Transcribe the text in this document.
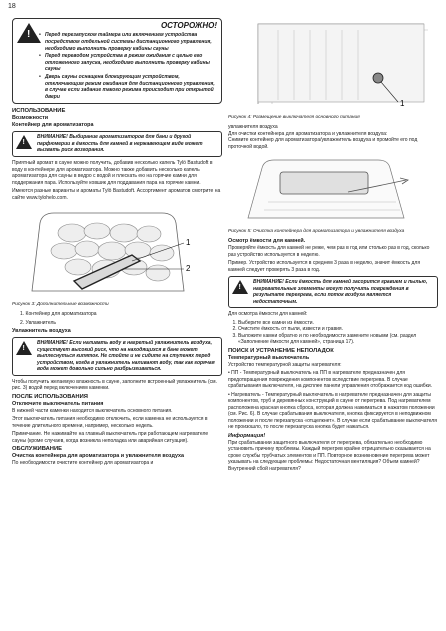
18
!
ОСТОРОЖНО!
• Перед перезапуском таймера или включением устройства посредством отдельной системы дистанционного управления, необходимо выполнить проверку кабины сауны
• Перед переводом устройства в режим ожидания с целью его отложенного запуска, необходимо выполнить проверку кабины сауны
• Дверь сауны оснащена блокирующим устройством, отключающим режим ожидания для дистанционного управления, в случае если задание такого режима происходит при открытой двери
ИСПОЛЬЗОВАНИЕ
Возможности
Контейнер для ароматизатора
!
ВНИМАНИЕ! Выбирание ароматизаторов для бани и другой парфюмерии в ёмкость для камней в нержавеющем виде может вызвать риск возгорания.
Приятный аромат в сауне можно получить, добавив несколько капель Tylö Bastudoft в воду в контейнере для ароматизатора. Можно также добавить несколько капель ароматизатора для сауны в ведро с водой и плескать ею на горячие камни для поддержания пара. Используйте ковшик для поддавания пара на горячие камни.
Имеются разные варианты и ароматы Tylö Bastudoft. Ассортимент ароматов смотрите на сайте www.tylohelo.com.
1
2
Рисунок 3: Дополнительные возможности
1. Контейнер для ароматизатора
2. Увлажнитель
Увлажнитель воздуха
!
ВНИМАНИЕ! Если наливать воду в нагретый увлажнитель воздуха, существует высокий риск, что на находящихся в бане может выплеснуться кипяток. Не стойте и не сидите на ступенях перед устройством, когда в увлажнитель наливают воду, так как горячая вода может довольно сильно разбрызгиваться.
Чтобы получить желаемую влажность в сауне, заполните встроенный увлажнитель (см. рис. 3) водой перед включением каменки.
ПОСЛЕ ИСПОЛЬЗОВАНИЯ
Отключите выключатель питания
В нижней части каменки находится выключатель основного питания.
Этот выключатель питания необходимо отключить, если каменка не используется в течение длительного времени, например, несколько недель.
Примечание. Не нажимайте на главный выключатель при работающем нагревателе сауны (кроме случаев, когда возникла неполадка или аварийная ситуация).
ОБСЛУЖИВАНИЕ
Очистка контейнера для ароматизатора и увлажнителя воздуха
По необходимости очистите контейнер для ароматизатора и
1
Рисунок 4: Размещение выключателя основного питания
увлажнителя воздуха
Для очистки контейнера для ароматизатора и увлажнителя воздуха:
Снимите контейнер для ароматизатора/увлажнитель воздуха и промойте его под проточной водой.
Рисунок 5: Очистка контейнера для ароматизатора и увлажнителя воздуха
Осмотр ёмкости для камней.
Проверяйте ёмкость для камней не реже, чем раз в год или столько раз в год, сколько раз устройство используется в неделю.
Пример. Устройство используется в среднем 3 раза в неделю, значит ёмкость для камней следует проверять 3 раза в год.
!
ВНИМАНИЕ! Если ёмкость для камней засорится гравием и пылью, нагревательные элементы могут получить повреждения в результате перегрева, если поток воздуха является недостаточным.
Для осмотра ёмкости для камней:
1. Выберите все камни из ёмкости.
2. Очистите ёмкость от пыли, извести и гравия.
3. Выложите камни обратно и по необходимости замените новыми (см. раздел «Заполнение ёмкости для камней», страница 17).
ПОИСК И УСТРАНЕНИЕ НЕПОЛАДОК
Температурный выключатель
Устройство температурной защиты нагревателя:
• ПП - Температурный выключатель на ПП в нагревателе предназначен для предотвращения повреждения компонентов вследствие перегрева. В случае срабатывания выключателя, на дисплее панели управления отображается код ошибки.
• Нагреватель - Температурный выключатель в нагревателе предназначен для защиты компонентов, труб и деревянных конструкций в сауне от перегрева. Под нагревателем расположена красная кнопка сброса, которая должна нажиматься в нажатом положении (см. Рис. 6). В случае срабатывания выключателя, кнопка фиксируется в неподвижном положении и после перезапуска «отщелкнет». В случае если срабатывание выключателя не произошло, то после перезапуска кнопка будет нажаться.
Информация!
При срабатывании защитного выключателя от перегрева, обязательно необходимо установить причину проблемы. Каждый перегрев крайне отрицательно сказывается на сроке службы трубчатых элементов и ПП. Повторное возникновение перегрева может указывать на следующие проблемы: Недостаточная вентиляция? Объем камней? Внутренний сбой нагревателя?
